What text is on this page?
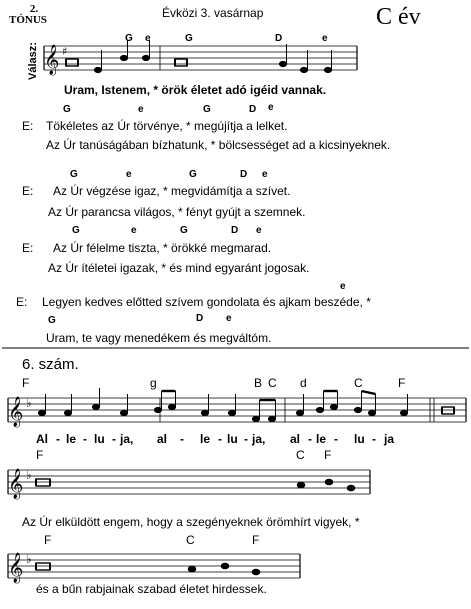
2.
TÓNUS	Évközi 3. vasárnap	C év
Válasz:
G e	G	D	e
𝄞 ♯
𝄞 ♭
𝄞 ♭
𝄞 ♭
Uram, Istenem, * örök életet adó igéid vannak.
G	e	G	D e
E: Tökéletes az Úr törvénye, * megújítja a lelket.
Az Úr tanúságában bízhatunk, * bölcsességet ad a kicsinyeknek.
G	e	G	D e
E: Az Úr végzése igaz, * megvidámítja a szívet.
Az Úr parancsa világos, * fényt gyújt a szemnek.
G	e	G	D e
E: Az Úr félelme tiszta, * örökké megmarad.
Az Úr ítéletei igazak, * és mind egyaránt jogosak.
e
E: Legyen kedves előtted szívem gondolata és ajkam beszéde, *
G	D e
Uram, te vagy menedékem és megváltóm.
6. szám.
F	g	B C d	C	F
Al - le - lu - ja, al - le - lu - ja, al - le - lu - ja
F	C F
Az Úr elküldött engem, hogy a szegényeknek örömhírt vigyek, *
F	C	F
és a bűn rabjainak szabad életet hirdessek.
